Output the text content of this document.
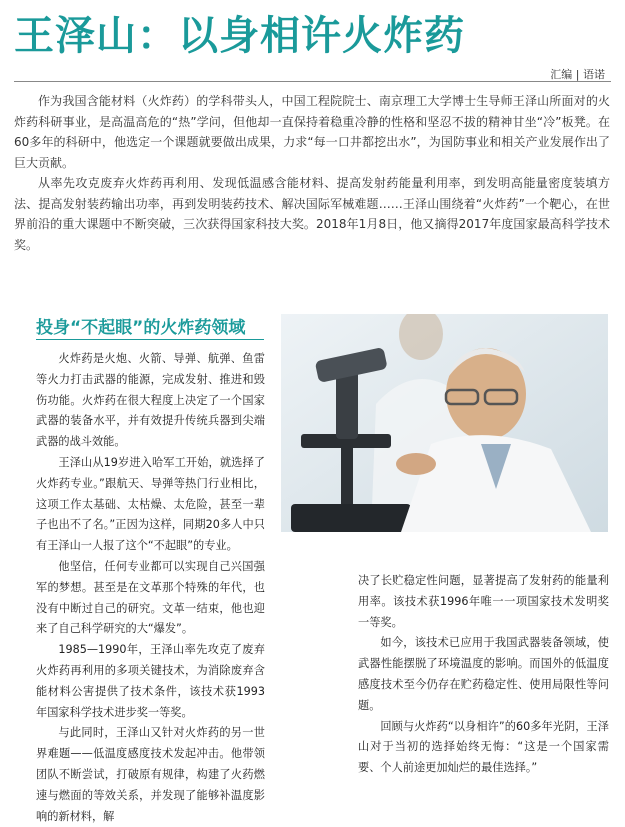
王泽山：以身相许火炸药
汇编 | 语诺

作为我国含能材料（火炸药）的学科带头人，中国工程院院士、南京理工大学博士生导师王泽山所面对的火炸药科研事业，是高温高危的“热”学问，但他却一直保持着稳重冷静的性格和坚忍不拔的精神甘坐“冷”板凳。在60多年的科研中，他选定一个课题就要做出成果，力求“每一口井都挖出水”，为国防事业和相关产业发展作出了巨大贡献。

从率先攻克废弃火炸药再利用、发现低温感含能材料、提高发射药能量利用率，到发明高能量密度装填方法、提高发射装药输出功率，再到发明装药技术、解决国际军械难题……王泽山围绕着“火炸药”一个靶心，在世界前沿的重大课题中不断突破，三次获得国家科技大奖。2018年1月8日，他又摘得2017年度国家最高科学技术奖。

投身“不起眼”的火炸药领域

火炸药是火炮、火箭、导弹、航弹、鱼雷等火力打击武器的能源，完成发射、推进和毁伤功能。火炸药在很大程度上决定了一个国家武器的装备水平，并有效提升传统兵器到尖端武器的战斗效能。

王泽山从19岁进入哈军工开始，就选择了火炸药专业。”跟航天、导弹等热门行业相比，这项工作太基础、太枯燥、太危险，甚至一辈子也出不了名。”正因为这样，同期20多人中只有王泽山一人报了这个“不起眼”的专业。

他坚信，任何专业都可以实现自己兴国强军的梦想。甚至是在文革那个特殊的年代，也没有中断过自己的研究。文革一结束，他也迎来了自己科学研究的大“爆发”。

1985—1990年，王泽山率先攻克了废弃火炸药再利用的多项关键技术，为消除废弃含能材料公害提供了技术条件，该技术获1993年国家科学技术进步奖一等奖。

与此同时，王泽山又针对火炸药的另一世界难题——低温度感度技术发起冲击。他带领团队不断尝试，打破原有规律，构建了火药燃速与燃面的等效关系，并发现了能够补温度影响的新材料，解

决了长贮稳定性问题，显著提高了发射药的能量利用率。该技术获1996年唯一一项国家技术发明奖一等奖。

如今，该技术已应用于我国武器装备领域，使武器性能摆脱了环境温度的影响。而国外的低温度感度技术至今仍存在贮药稳定性、使用局限性等问题。

回顾与火炸药“以身相许”的60多年光阴，王泽山对于当初的选择始终无悔：“这是一个国家需要、个人前途更加灿烂的最佳选择。”
